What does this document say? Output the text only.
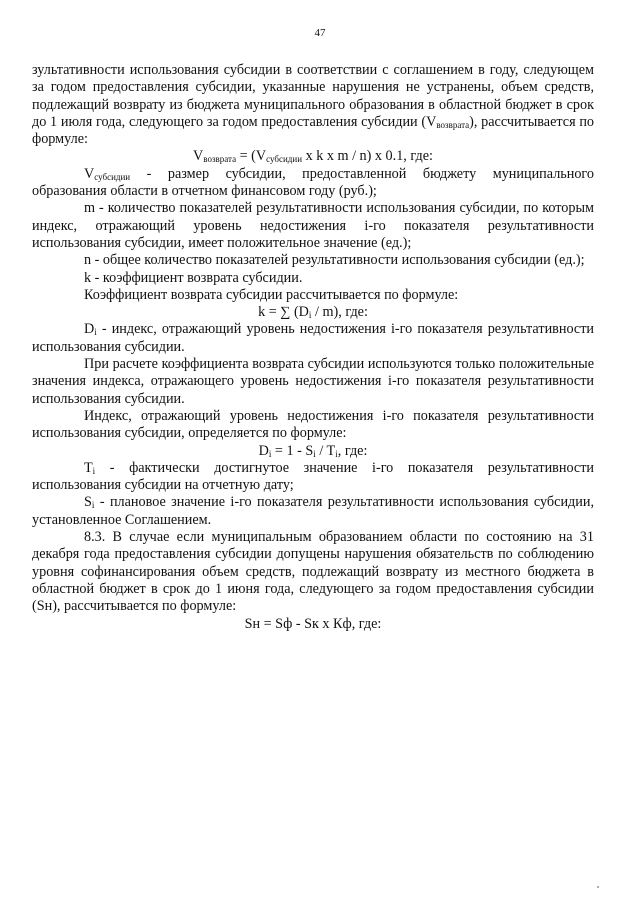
47

зультативности использования субсидии в соответствии с соглашением в году, следующем за годом предоставления субсидии, указанные нарушения не устранены, объем средств, подлежащий возврату из бюджета муниципального образования в областной бюджет в срок до 1 июля года, следующего за годом предоставления субсидии $(V_{возврата})$, рассчитывается по формуле:

$V_{возврата} = (V_{субсидии}$ x k x m / n) x 0.1, где:

$V_{субсидии}$ - размер субсидии, предоставленной бюджету муниципального образования области в отчетном финансовом году (руб.);

m - количество показателей результативности использования субсидии, по которым индекс, отражающий уровень недостижения i-го показателя результативности использования субсидии, имеет положительное значение (ед.);

n - общее количество показателей результативности использования субсидии (ед.);

k - коэффициент возврата субсидии.

Коэффициент возврата субсидии рассчитывается по формуле:

k = ∑ $(D_i / m)$, где:

$D_i$ - индекс, отражающий уровень недостижения i-го показателя результативности использования субсидии.

При расчете коэффициента возврата субсидии используются только положительные значения индекса, отражающего уровень недостижения i-го показателя результативности использования субсидии.

Индекс, отражающий уровень недостижения i-го показателя результативности использования субсидии, определяется по формуле:

$D_i = 1 - S_i / T_i$, где:

$T_i$ - фактически достигнутое значение i-го показателя результативности использования субсидии на отчетную дату;

$S_i$ - плановое значение i-го показателя результативности использования субсидии, установленное Соглашением.

8.3. В случае если муниципальным образованием области по состоянию на 31 декабря года предоставления субсидии допущены нарушения обязательств по соблюдению уровня софинансирования объем средств, подлежащий возврату из местного бюджета в областной бюджет в срок до 1 июня года, следующего за годом предоставления субсидии (Sн), рассчитывается по формуле:

Sн = Sф - Sк x Кф, где:
